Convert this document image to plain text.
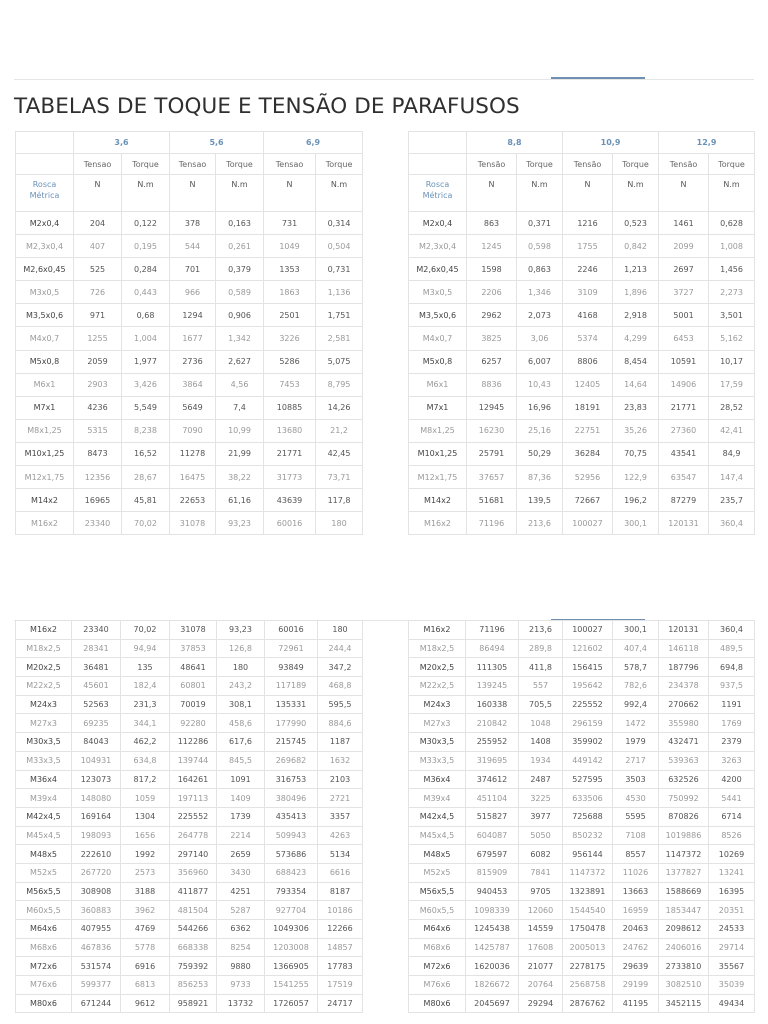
TABELAS DE TOQUE E TENSÃO DE PARAFUSOS
	3,6		5,6		6,9	
	Tensao	Torque	Tensao	Torque	Tensao	Torque
Rosca
Métrica	N	N.m	N	N.m	N	N.m
M2x0,4	204	0,122	378	0,163	731	0,314
M2,3x0,4	407	0,195	544	0,261	1049	0,504
M2,6x0,45	525	0,284	701	0,379	1353	0,731
M3x0,5	726	0,443	966	0,589	1863	1,136
M3,5x0,6	971	0,68	1294	0,906	2501	1,751
M4x0,7	1255	1,004	1677	1,342	3226	2,581
M5x0,8	2059	1,977	2736	2,627	5286	5,075
M6x1	2903	3,426	3864	4,56	7453	8,795
M7x1	4236	5,549	5649	7,4	10885	14,26
M8x1,25	5315	8,238	7090	10,99	13680	21,2
M10x1,25	8473	16,52	11278	21,99	21771	42,45
M12x1,75	12356	28,67	16475	38,22	31773	73,71
M14x2	16965	45,81	22653	61,16	43639	117,8
M16x2	23340	70,02	31078	93,23	60016	180
	8,8		10,9		12,9	
	Tensão	Torque	Tensão	Torque	Tensão	Torque
Rosca
Métrica	N	N.m	N	N.m	N	N.m
M2x0,4	863	0,371	1216	0,523	1461	0,628
M2,3x0,4	1245	0,598	1755	0,842	2099	1,008
M2,6x0,45	1598	0,863	2246	1,213	2697	1,456
M3x0,5	2206	1,346	3109	1,896	3727	2,273
M3,5x0,6	2962	2,073	4168	2,918	5001	3,501
M4x0,7	3825	3,06	5374	4,299	6453	5,162
M5x0,8	6257	6,007	8806	8,454	10591	10,17
M6x1	8836	10,43	12405	14,64	14906	17,59
M7x1	12945	16,96	18191	23,83	21771	28,52
M8x1,25	16230	25,16	22751	35,26	27360	42,41
M10x1,25	25791	50,29	36284	70,75	43541	84,9
M12x1,75	37657	87,36	52956	122,9	63547	147,4
M14x2	51681	139,5	72667	196,2	87279	235,7
M16x2	71196	213,6	100027	300,1	120131	360,4
M16x2	23340	70,02	31078	93,23	60016	180
M18x2,5	28341	94,94	37853	126,8	72961	244,4
M20x2,5	36481	135	48641	180	93849	347,2
M22x2,5	45601	182,4	60801	243,2	117189	468,8
M24x3	52563	231,3	70019	308,1	135331	595,5
M27x3	69235	344,1	92280	458,6	177990	884,6
M30x3,5	84043	462,2	112286	617,6	215745	1187
M33x3,5	104931	634,8	139744	845,5	269682	1632
M36x4	123073	817,2	164261	1091	316753	2103
M39x4	148080	1059	197113	1409	380496	2721
M42x4,5	169164	1304	225552	1739	435413	3357
M45x4,5	198093	1656	264778	2214	509943	4263
M48x5	222610	1992	297140	2659	573686	5134
M52x5	267720	2573	356960	3430	688423	6616
M56x5,5	308908	3188	411877	4251	793354	8187
M60x5,5	360883	3962	481504	5287	927704	10186
M64x6	407955	4769	544266	6362	1049306	12266
M68x6	467836	5778	668338	8254	1203008	14857
M72x6	531574	6916	759392	9880	1366905	17783
M76x6	599377	6813	856253	9733	1541255	17519
M80x6	671244	9612	958921	13732	1726057	24717
M16x2	71196	213,6	100027	300,1	120131	360,4
M18x2,5	86494	289,8	121602	407,4	146118	489,5
M20x2,5	111305	411,8	156415	578,7	187796	694,8
M22x2,5	139245	557	195642	782,6	234378	937,5
M24x3	160338	705,5	225552	992,4	270662	1191
M27x3	210842	1048	296159	1472	355980	1769
M30x3,5	255952	1408	359902	1979	432471	2379
M33x3,5	319695	1934	449142	2717	539363	3263
M36x4	374612	2487	527595	3503	632526	4200
M39x4	451104	3225	633506	4530	750992	5441
M42x4,5	515827	3977	725688	5595	870826	6714
M45x4,5	604087	5050	850232	7108	1019886	8526
M48x5	679597	6082	956144	8557	1147372	10269
M52x5	815909	7841	1147372	11026	1377827	13241
M56x5,5	940453	9705	1323891	13663	1588669	16395
M60x5,5	1098339	12060	1544540	16959	1853447	20351
M64x6	1245438	14559	1750478	20463	2098612	24533
M68x6	1425787	17608	2005013	24762	2406016	29714
M72x6	1620036	21077	2278175	29639	2733810	35567
M76x6	1826672	20764	2568758	29199	3082510	35039
M80x6	2045697	29294	2876762	41195	3452115	49434
